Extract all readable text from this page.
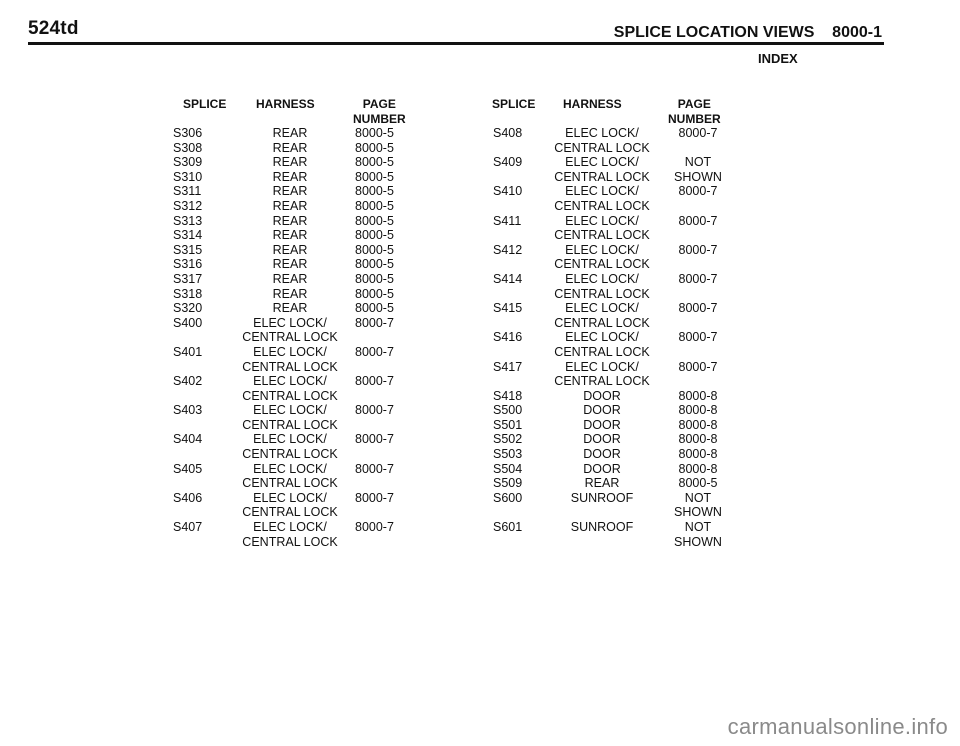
524td	SPLICE LOCATION VIEWS    8000-1
INDEX
SPLICE HARNESS	PAGE
NUMBER
SPLICE HARNESS	PAGE
NUMBER
S306	REAR	8000-5
S308	REAR	8000-5
S309	REAR	8000-5
S310	REAR	8000-5
S311	REAR	8000-5
S312	REAR	8000-5
S313	REAR	8000-5
S314	REAR	8000-5
S315	REAR	8000-5
S316	REAR	8000-5
S317	REAR	8000-5
S318	REAR	8000-5
S320	REAR	8000-5
S400	ELEC LOCK/	8000-7

CENTRAL LOCK

S401	ELEC LOCK/	8000-7

CENTRAL LOCK

S402	ELEC LOCK/	8000-7

CENTRAL LOCK

S403	ELEC LOCK/	8000-7

CENTRAL LOCK

S404	ELEC LOCK/	8000-7

CENTRAL LOCK

S405	ELEC LOCK/	8000-7

CENTRAL LOCK

S406	ELEC LOCK/	8000-7

CENTRAL LOCK

S407	ELEC LOCK/	8000-7

CENTRAL LOCK

S408	ELEC LOCK/	8000-7

CENTRAL LOCK

S409	ELEC LOCK/	NOT

CENTRAL LOCK	SHOWN
S410	ELEC LOCK/	8000-7

CENTRAL LOCK

S411	ELEC LOCK/	8000-7

CENTRAL LOCK

S412	ELEC LOCK/	8000-7

CENTRAL LOCK

S414	ELEC LOCK/	8000-7

CENTRAL LOCK

S415	ELEC LOCK/	8000-7

CENTRAL LOCK

S416	ELEC LOCK/	8000-7

CENTRAL LOCK

S417	ELEC LOCK/	8000-7

CENTRAL LOCK

S418	DOOR	8000-8
S500	DOOR	8000-8
S501	DOOR	8000-8
S502	DOOR	8000-8
S503	DOOR	8000-8
S504	DOOR	8000-8
S509	REAR	8000-5
S600	SUNROOF	NOT

SHOWN
S601	SUNROOF	NOT

SHOWN
carmanualsonline.info
